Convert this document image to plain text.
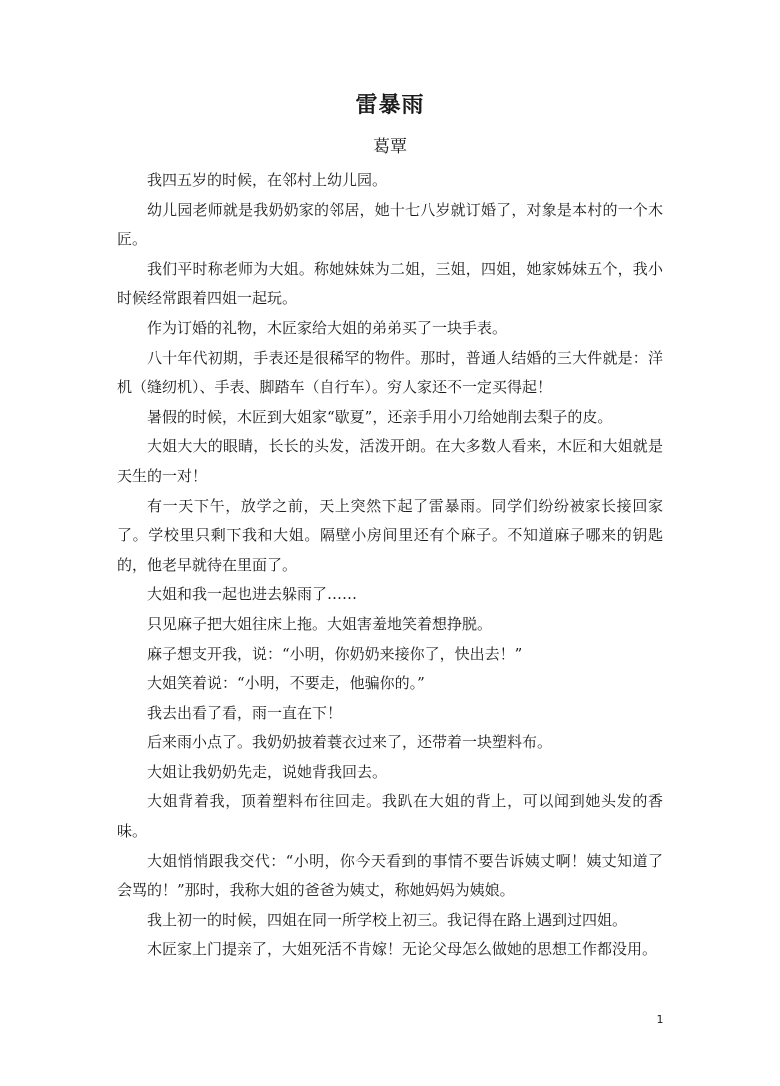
雷暴雨
葛覃

我四五岁的时候，在邻村上幼儿园。

幼儿园老师就是我奶奶家的邻居，她十七八岁就订婚了，对象是本村的一个木匠。

我们平时称老师为大姐。称她妹妹为二姐，三姐，四姐，她家姊妹五个，我小时候经常跟着四姐一起玩。

作为订婚的礼物，木匠家给大姐的弟弟买了一块手表。

八十年代初期，手表还是很稀罕的物件。那时，普通人结婚的三大件就是：洋机（缝纫机）、手表、脚踏车（自行车）。穷人家还不一定买得起！

暑假的时候，木匠到大姐家“歇夏”，还亲手用小刀给她削去梨子的皮。

大姐大大的眼睛，长长的头发，活泼开朗。在大多数人看来，木匠和大姐就是天生的一对！

有一天下午，放学之前，天上突然下起了雷暴雨。同学们纷纷被家长接回家了。学校里只剩下我和大姐。隔壁小房间里还有个麻子。不知道麻子哪来的钥匙的，他老早就待在里面了。

大姐和我一起也进去躲雨了……

只见麻子把大姐往床上拖。大姐害羞地笑着想挣脱。

麻子想支开我，说：“小明，你奶奶来接你了，快出去！”

大姐笑着说：“小明，不要走，他骗你的。”

我去出看了看，雨一直在下！

后来雨小点了。我奶奶披着蓑衣过来了，还带着一块塑料布。

大姐让我奶奶先走，说她背我回去。

大姐背着我，顶着塑料布往回走。我趴在大姐的背上，可以闻到她头发的香味。

大姐悄悄跟我交代：“小明，你今天看到的事情不要告诉姨丈啊！姨丈知道了会骂的！”那时，我称大姐的爸爸为姨丈，称她妈妈为姨娘。

我上初一的时候，四姐在同一所学校上初三。我记得在路上遇到过四姐。

木匠家上门提亲了，大姐死活不肯嫁！无论父母怎么做她的思想工作都没用。

1
